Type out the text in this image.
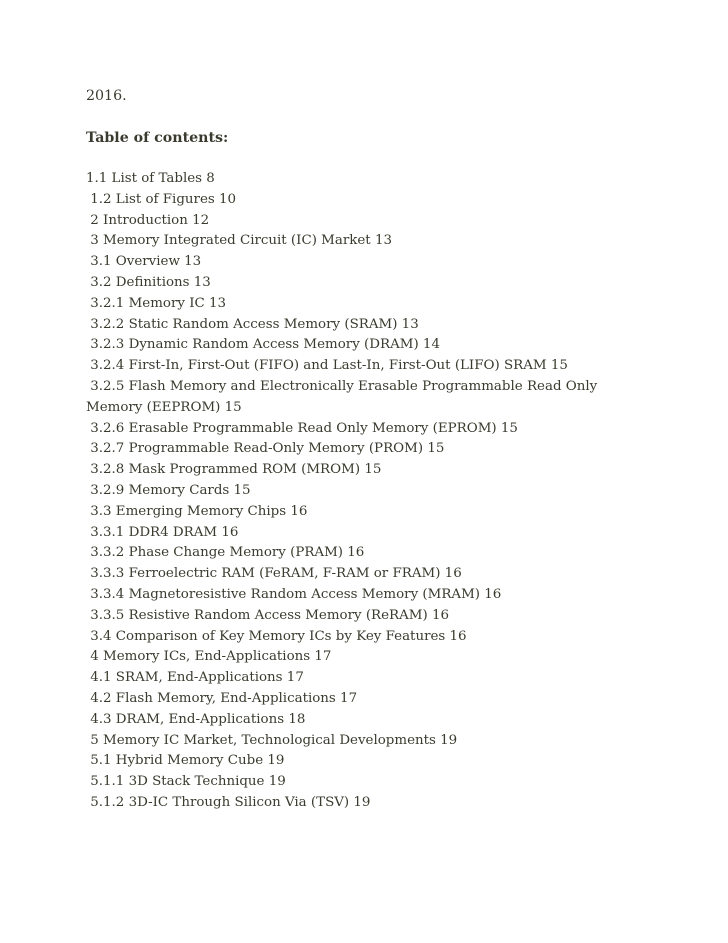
2016.
Table of contents:
1.1 List of Tables 8
1.2 List of Figures 10
2 Introduction 12
3 Memory Integrated Circuit (IC) Market 13
3.1 Overview 13
3.2 Definitions 13
3.2.1 Memory IC 13
3.2.2 Static Random Access Memory (SRAM) 13
3.2.3 Dynamic Random Access Memory (DRAM) 14
3.2.4 First-In, First-Out (FIFO) and Last-In, First-Out (LIFO) SRAM 15
3.2.5 Flash Memory and Electronically Erasable Programmable Read Only Memory (EEPROM) 15
3.2.6 Erasable Programmable Read Only Memory (EPROM) 15
3.2.7 Programmable Read-Only Memory (PROM) 15
3.2.8 Mask Programmed ROM (MROM) 15
3.2.9 Memory Cards 15
3.3 Emerging Memory Chips 16
3.3.1 DDR4 DRAM 16
3.3.2 Phase Change Memory (PRAM) 16
3.3.3 Ferroelectric RAM (FeRAM, F-RAM or FRAM) 16
3.3.4 Magnetoresistive Random Access Memory (MRAM) 16
3.3.5 Resistive Random Access Memory (ReRAM) 16
3.4 Comparison of Key Memory ICs by Key Features 16
4 Memory ICs, End-Applications 17
4.1 SRAM, End-Applications 17
4.2 Flash Memory, End-Applications 17
4.3 DRAM, End-Applications 18
5 Memory IC Market, Technological Developments 19
5.1 Hybrid Memory Cube 19
5.1.1 3D Stack Technique 19
5.1.2 3D-IC Through Silicon Via (TSV) 19
